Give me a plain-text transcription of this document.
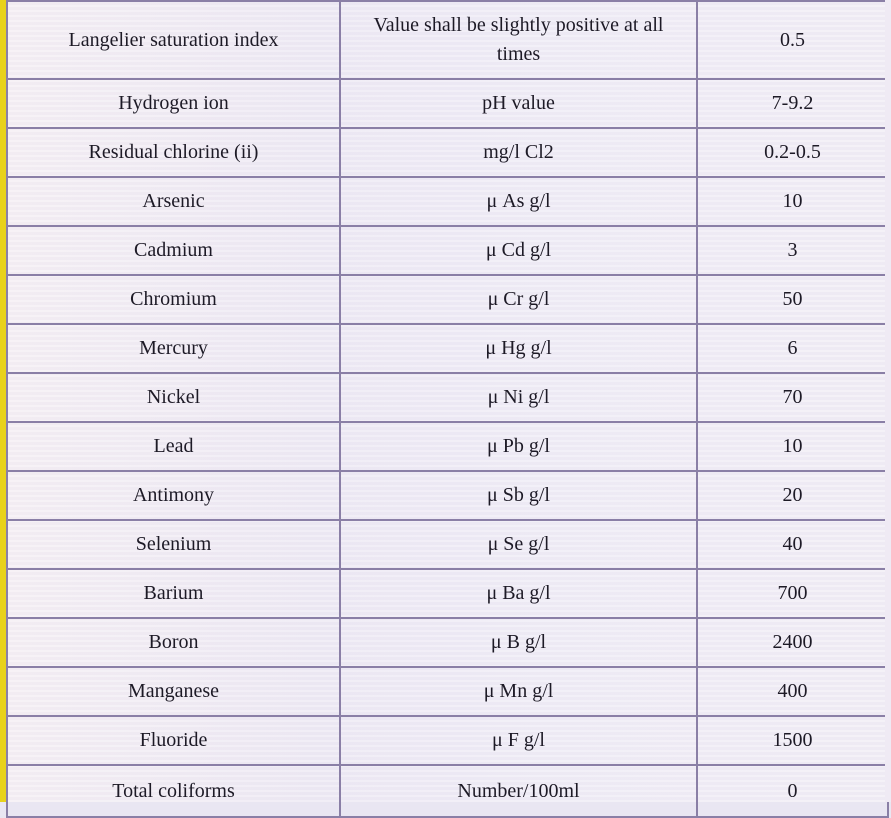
Langelier saturation index	Value shall be slightly positive at all times	0.5
Hydrogen ion	pH value	7-9.2
Residual chlorine (ii)	mg/l Cl2	0.2-0.5
Arsenic	μ As g/l	10
Cadmium	μ Cd g/l	3
Chromium	μ Cr g/l	50
Mercury	μ Hg g/l	6
Nickel	μ Ni g/l	70
Lead	μ Pb g/l	10
Antimony	μ Sb g/l	20
Selenium	μ Se g/l	40
Barium	μ Ba g/l	700
Boron	μ B g/l	2400
Manganese	μ Mn g/l	400
Fluoride	μ F g/l	1500
Total coliforms	Number/100ml	0
